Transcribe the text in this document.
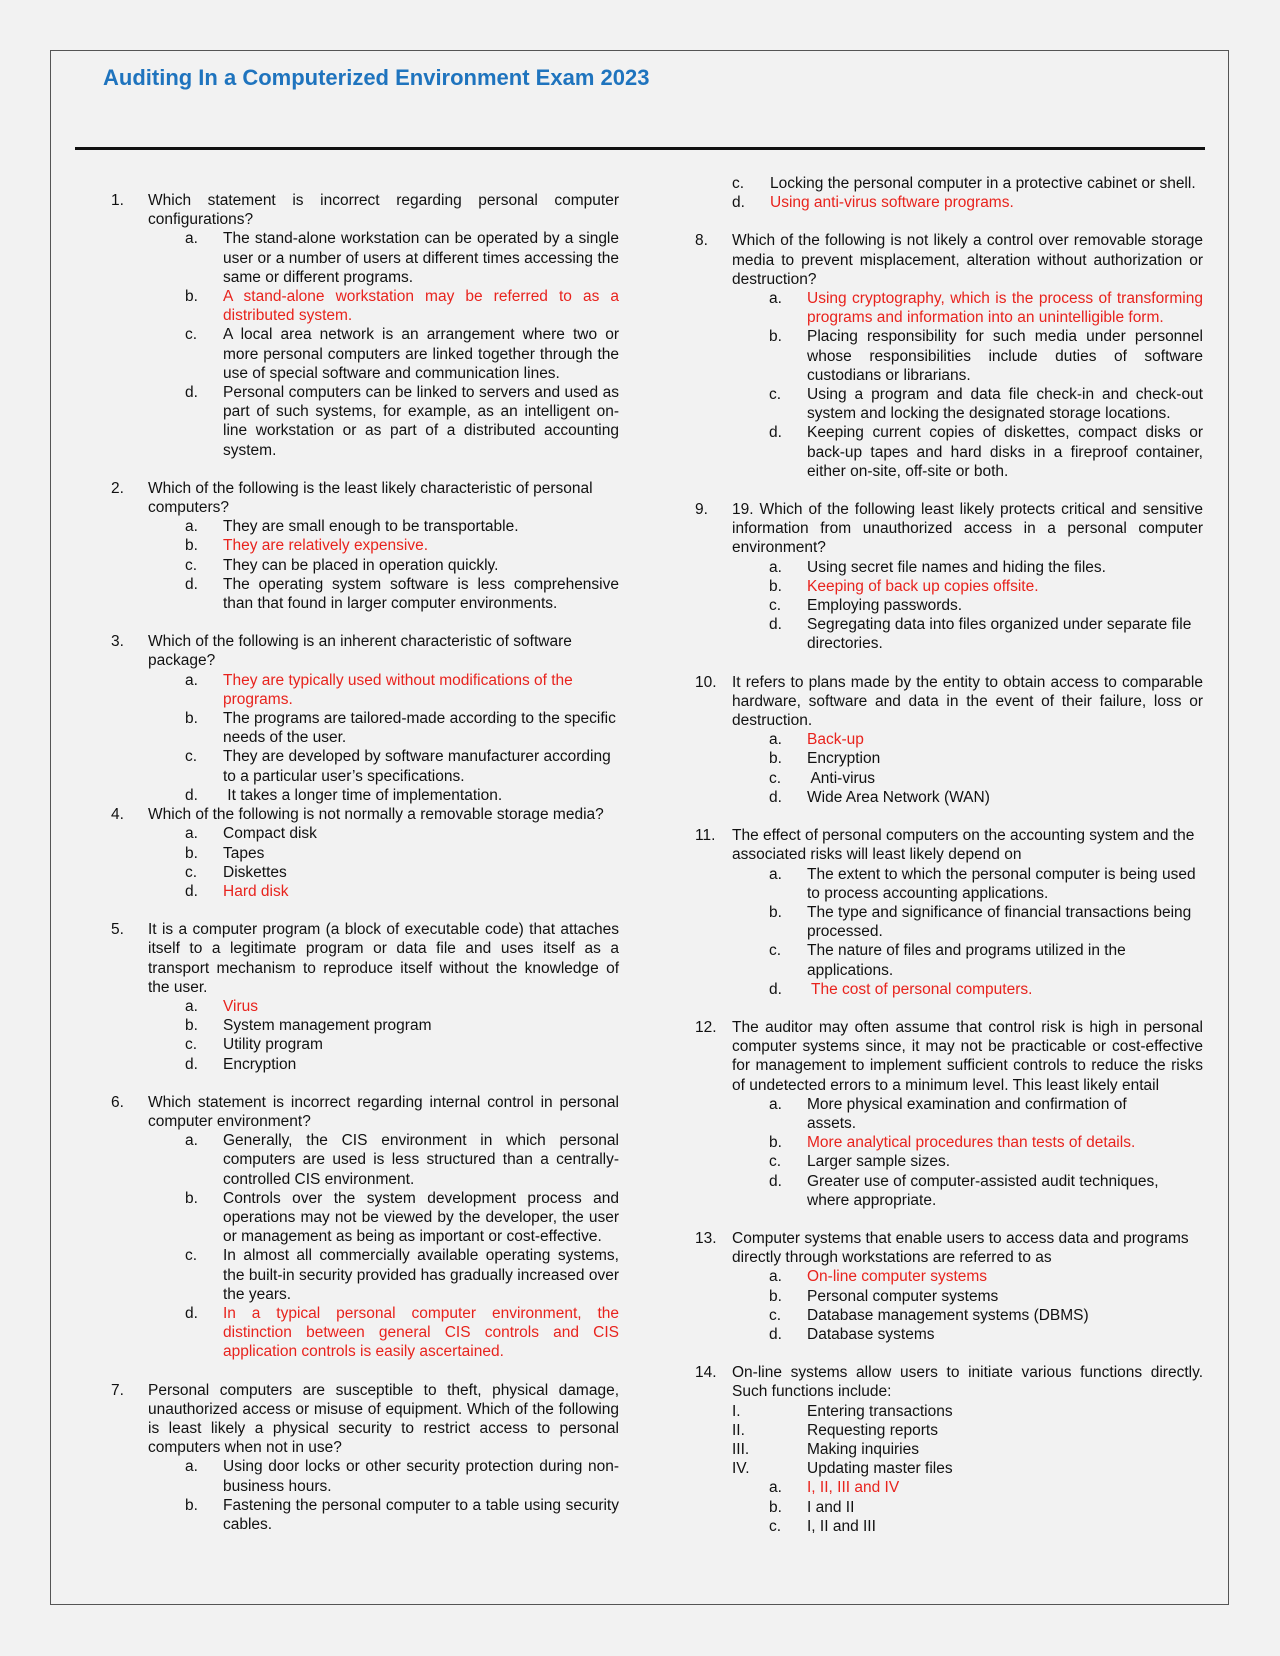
Auditing In a Computerized Environment Exam 2023
1.	Which statement is incorrect regarding personal computer configurations?
a. The stand-alone workstation can be operated by a single user or a number of users at different times accessing the same or different programs.
b. A stand-alone workstation may be referred to as a distributed system.
c. A local area network is an arrangement where two or more personal computers are linked together through the use of special software and communication lines.
d. Personal computers can be linked to servers and used as part of such systems, for example, as an intelligent on-line workstation or as part of a distributed accounting system.
2.	Which of the following is the least likely characteristic of personal computers?
a. They are small enough to be transportable.
b. They are relatively expensive.
c. They can be placed in operation quickly.
d. The operating system software is less comprehensive than that found in larger computer environments.
3.	Which of the following is an inherent characteristic of software package?
a. They are typically used without modifications of the programs.
b. The programs are tailored-made according to the specific needs of the user.
c. They are developed by software manufacturer according to a particular user’s specifications.
d. It takes a longer time of implementation.
4.	Which of the following is not normally a removable storage media?
a. Compact disk
b. Tapes
c. Diskettes
d. Hard disk
5.	It is a computer program (a block of executable code) that attaches itself to a legitimate program or data file and uses itself as a transport mechanism to reproduce itself without the knowledge of the user.
a. Virus
b. System management program
c. Utility program
d. Encryption
6.	Which statement is incorrect regarding internal control in personal computer environment?
a. Generally, the CIS environment in which personal computers are used is less structured than a centrally-controlled CIS environment.
b. Controls over the system development process and operations may not be viewed by the developer, the user or management as being as important or cost-effective.
c. In almost all commercially available operating systems, the built-in security provided has gradually increased over the years.
d. In a typical personal computer environment, the distinction between general CIS controls and CIS application controls is easily ascertained.
7.	Personal computers are susceptible to theft, physical damage, unauthorized access or misuse of equipment. Which of the following is least likely a physical security to restrict access to personal computers when not in use?
a. Using door locks or other security protection during non-business hours.
b. Fastening the personal computer to a table using security cables.
c. Locking the personal computer in a protective cabinet or shell.
d. Using anti-virus software programs.
8.	Which of the following is not likely a control over removable storage media to prevent misplacement, alteration without authorization or destruction?
a. Using cryptography, which is the process of transforming programs and information into an unintelligible form.
b. Placing responsibility for such media under personnel whose responsibilities include duties of software custodians or librarians.
c. Using a program and data file check-in and check-out system and locking the designated storage locations.
d. Keeping current copies of diskettes, compact disks or back-up tapes and hard disks in a fireproof container, either on-site, off-site or both.
9.	19. Which of the following least likely protects critical and sensitive information from unauthorized access in a personal computer environment?
a. Using secret file names and hiding the files.
b. Keeping of back up copies offsite.
c. Employing passwords.
d. Segregating data into files organized under separate file directories.
10. It refers to plans made by the entity to obtain access to comparable hardware, software and data in the event of their failure, loss or destruction.
a. Back-up
b. Encryption
c. Anti-virus
d. Wide Area Network (WAN)
11.	The effect of personal computers on the accounting system and the associated risks will least likely depend on
a. The extent to which the personal computer is being used to process accounting applications.
b. The type and significance of financial transactions being processed.
c. The nature of files and programs utilized in the applications.
d. The cost of personal computers.
12. The auditor may often assume that control risk is high in personal computer systems since, it may not be practicable or cost-effective for management to implement sufficient controls to reduce the risks of undetected errors to a minimum level. This least likely entail
a. More physical examination and confirmation of assets.
b. More analytical procedures than tests of details.
c. Larger sample sizes.
d. Greater use of computer-assisted audit techniques, where appropriate.
13. Computer systems that enable users to access data and programs directly through workstations are referred to as
a. On-line computer systems
b. Personal computer systems
c. Database management systems (DBMS)
d. Database systems
14. On-line systems allow users to initiate various functions directly. Such functions include:
I.	Entering transactions
II.	Requesting reports
III.	Making inquiries
IV.	Updating master files
a. I, II, III and IV
b. I and II
c. I, II and III
